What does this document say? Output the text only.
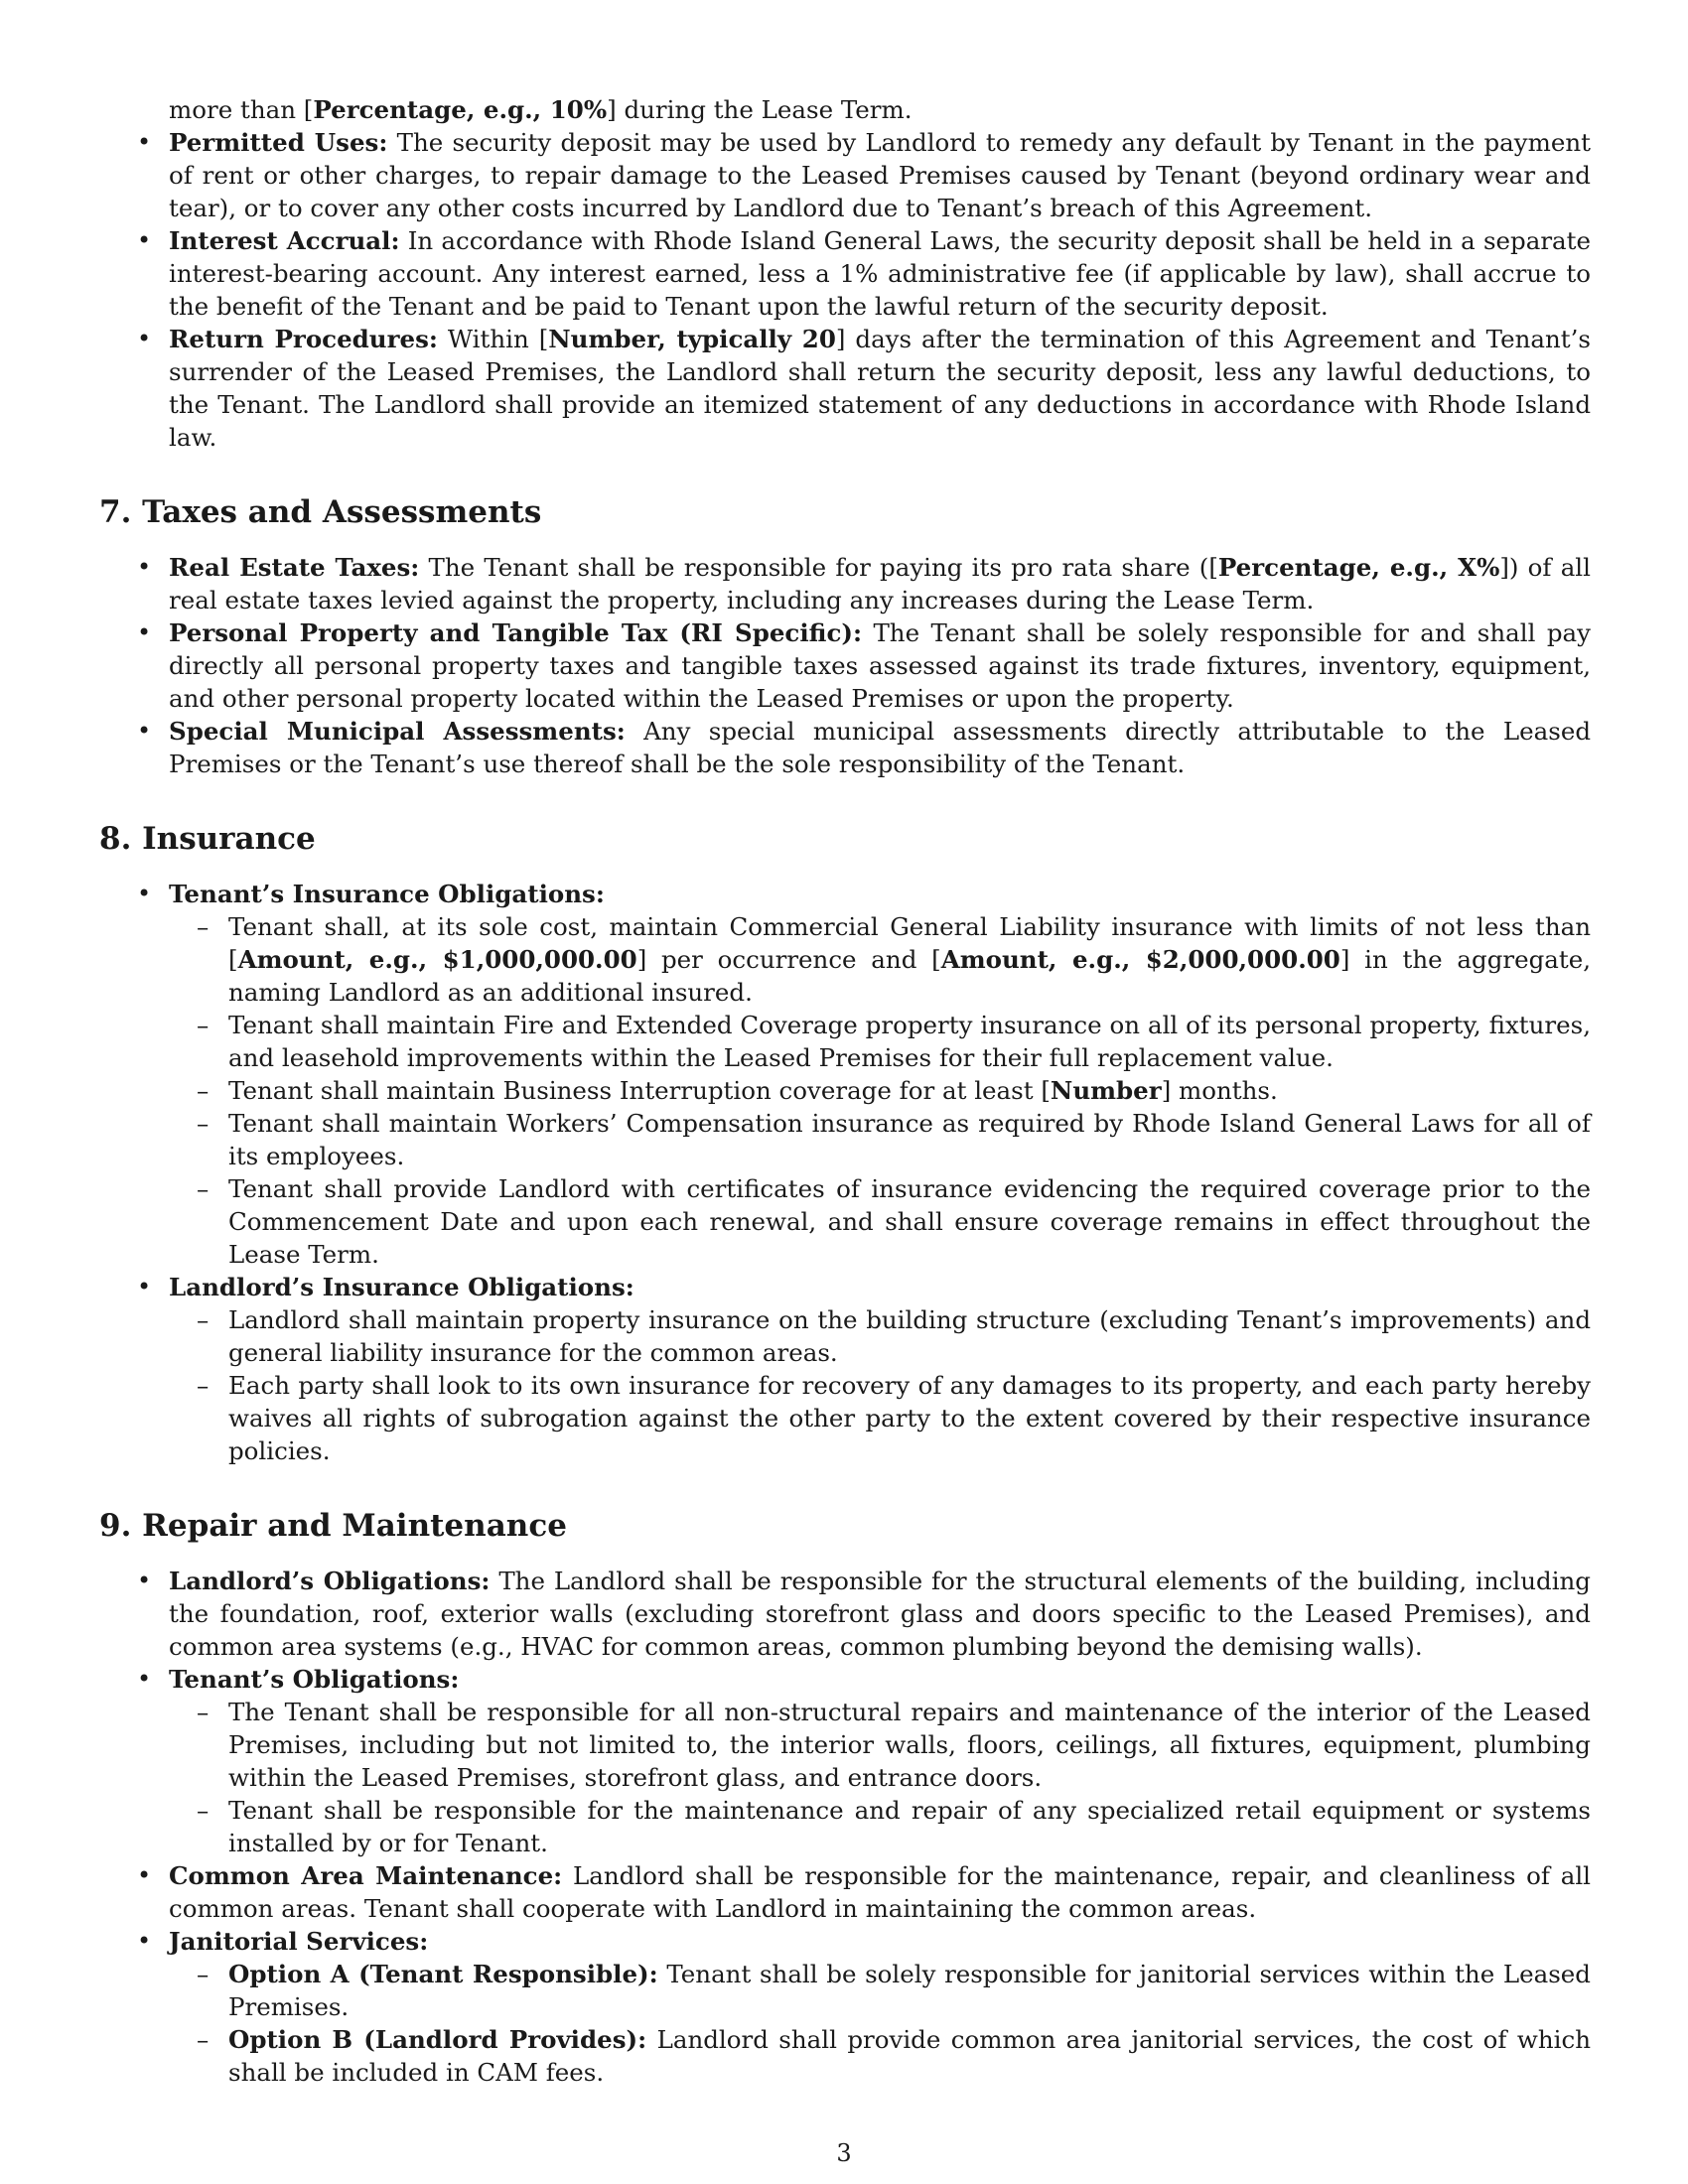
more than [Percentage, e.g., 10%] during the Lease Term.
• Permitted Uses: The security deposit may be used by Landlord to remedy any default by Tenant in the payment of rent or other charges, to repair damage to the Leased Premises caused by Tenant (beyond ordinary wear and tear), or to cover any other costs incurred by Landlord due to Tenant’s breach of this Agreement.
• Interest Accrual: In accordance with Rhode Island General Laws, the security deposit shall be held in a separate interest-bearing account. Any interest earned, less a 1% administrative fee (if applicable by law), shall accrue to the benefit of the Tenant and be paid to Tenant upon the lawful return of the security deposit.
• Return Procedures: Within [Number, typically 20] days after the termination of this Agreement and Tenant’s surrender of the Leased Premises, the Landlord shall return the security deposit, less any lawful deductions, to the Tenant. The Landlord shall provide an itemized statement of any deductions in accordance with Rhode Island law.
7. Taxes and Assessments
• Real Estate Taxes: The Tenant shall be responsible for paying its pro rata share ([Percentage, e.g., X%]) of all real estate taxes levied against the property, including any increases during the Lease Term.
• Personal Property and Tangible Tax (RI Specific): The Tenant shall be solely responsible for and shall pay directly all personal property taxes and tangible taxes assessed against its trade fixtures, inventory, equipment, and other personal property located within the Leased Premises or upon the property.
• Special Municipal Assessments: Any special municipal assessments directly attributable to the Leased Premises or the Tenant’s use thereof shall be the sole responsibility of the Tenant.
8. Insurance
• Tenant’s Insurance Obligations:
– Tenant shall, at its sole cost, maintain Commercial General Liability insurance with limits of not less than [Amount, e.g., $1,000,000.00] per occurrence and [Amount, e.g., $2,000,000.00] in the aggregate, naming Landlord as an additional insured.
– Tenant shall maintain Fire and Extended Coverage property insurance on all of its personal property, fixtures, and leasehold improvements within the Leased Premises for their full replacement value.
– Tenant shall maintain Business Interruption coverage for at least [Number] months.
– Tenant shall maintain Workers’ Compensation insurance as required by Rhode Island General Laws for all of its employees.
– Tenant shall provide Landlord with certificates of insurance evidencing the required coverage prior to the Commencement Date and upon each renewal, and shall ensure coverage remains in effect throughout the Lease Term.
• Landlord’s Insurance Obligations:
– Landlord shall maintain property insurance on the building structure (excluding Tenant’s improvements) and general liability insurance for the common areas.
– Each party shall look to its own insurance for recovery of any damages to its property, and each party hereby waives all rights of subrogation against the other party to the extent covered by their respective insurance policies.
9. Repair and Maintenance
• Landlord’s Obligations: The Landlord shall be responsible for the structural elements of the building, including the foundation, roof, exterior walls (excluding storefront glass and doors specific to the Leased Premises), and common area systems (e.g., HVAC for common areas, common plumbing beyond the demising walls).
• Tenant’s Obligations:
– The Tenant shall be responsible for all non-structural repairs and maintenance of the interior of the Leased Premises, including but not limited to, the interior walls, floors, ceilings, all fixtures, equipment, plumbing within the Leased Premises, storefront glass, and entrance doors.
– Tenant shall be responsible for the maintenance and repair of any specialized retail equipment or systems installed by or for Tenant.
• Common Area Maintenance: Landlord shall be responsible for the maintenance, repair, and cleanliness of all common areas. Tenant shall cooperate with Landlord in maintaining the common areas.
• Janitorial Services:
– Option A (Tenant Responsible): Tenant shall be solely responsible for janitorial services within the Leased Premises.
– Option B (Landlord Provides): Landlord shall provide common area janitorial services, the cost of which shall be included in CAM fees.
3
